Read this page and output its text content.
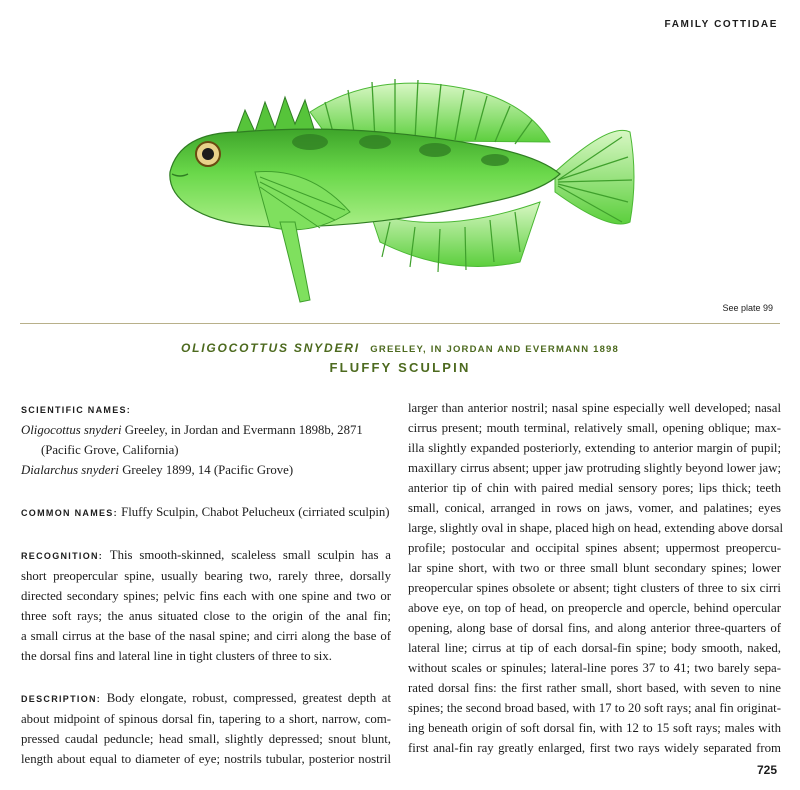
FAMILY COTTIDAE
See plate 99
OLIGOCOTTUS SNYDERI GREELEY, IN JORDAN AND EVERMANN 1898
FLUFFY SCULPIN
SCIENTIFIC NAMES:
Oligocottus snyderi Greeley, in Jordan and Evermann 1898b, 2871
(Pacific Grove, California)
Dialarchus snyderi Greeley 1899, 14 (Pacific Grove)
COMMON NAMES: Fluffy Sculpin, Chabot Pelucheux (cirriated sculpin)
RECOGNITION: This smooth-skinned, scaleless small sculpin has a
short preopercular spine, usually bearing two, rarely three, dorsally
directed secondary spines; pelvic fins each with one spine and two or
three soft rays; the anus situated close to the origin of the anal fin;
a small cirrus at the base of the nasal spine; and cirri along the base of
the dorsal fins and lateral line in tight clusters of three to six.
DESCRIPTION: Body elongate, robust, compressed, greatest depth at
about midpoint of spinous dorsal fin, tapering to a short, narrow, com-
pressed caudal peduncle; head small, slightly depressed; snout blunt,
length about equal to diameter of eye; nostrils tubular, posterior nostril
larger than anterior nostril; nasal spine especially well developed; nasal
cirrus present; mouth terminal, relatively small, opening oblique; max-
illa slightly expanded posteriorly, extending to anterior margin of pupil;
maxillary cirrus absent; upper jaw protruding slightly beyond lower jaw;
anterior tip of chin with paired medial sensory pores; lips thick; teeth
small, conical, arranged in rows on jaws, vomer, and palatines; eyes
large, slightly oval in shape, placed high on head, extending above dorsal
profile; postocular and occipital spines absent; uppermost preopercu-
lar spine short, with two or three small blunt secondary spines; lower
preopercular spines obsolete or absent; tight clusters of three to six cirri
above eye, on top of head, on preopercle and opercle, behind opercular
opening, along base of dorsal fins, and along anterior three-quarters of
lateral line; cirrus at tip of each dorsal-fin spine; body smooth, naked,
without scales or spinules; lateral-line pores 37 to 41; two barely sepa-
rated dorsal fins: the first rather small, short based, with seven to nine
spines; the second broad based, with 17 to 20 soft rays; anal fin originat-
ing beneath origin of soft dorsal fin, with 12 to 15 soft rays; males with
first anal-fin ray greatly enlarged, first two rays widely separated from
725
